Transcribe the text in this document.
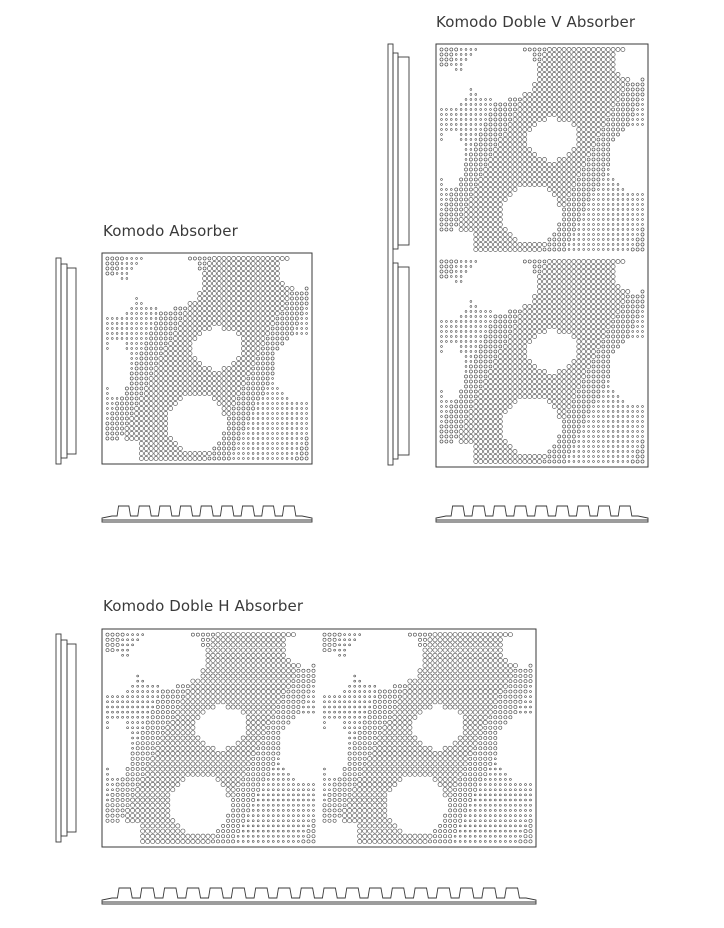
Komodo Absorber
Komodo Doble V Absorber
Komodo Doble H Absorber
